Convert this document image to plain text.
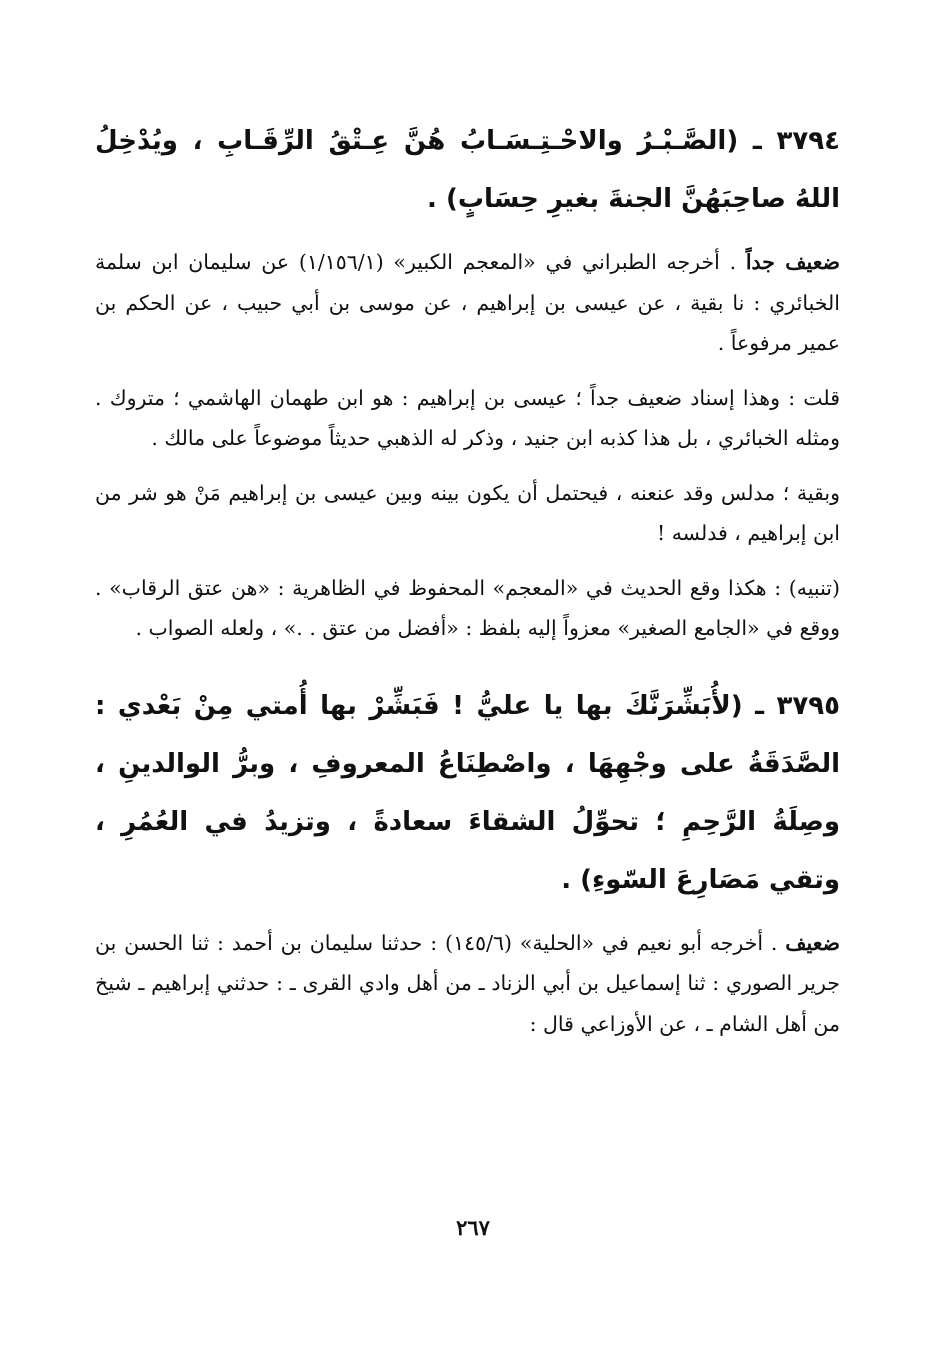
٣٧٩٤ ـ (الصَّـبْـرُ والاحْـتِـسَـابُ هُنَّ عِـتْقُ الرِّقَـابِ ، ويُدْخِلُ اللهُ صاحِبَهُنَّ الجنةَ بغيرِ حِسَابٍ) .

ضعيف جداً . أخرجه الطبراني في «المعجم الكبير» (١/١٥٦/١) عن سليمان ابن سلمة الخبائري : نا بقية ، عن عيسى بن إبراهيم ، عن موسى بن أبي حبيب ، عن الحكم بن عمير مرفوعاً .

قلت : وهذا إسناد ضعيف جداً ؛ عيسى بن إبراهيم : هو ابن طهمان الهاشمي ؛ متروك . ومثله الخبائري ، بل هذا كذبه ابن جنيد ، وذكر له الذهبي حديثاً موضوعاً على مالك .

وبقية ؛ مدلس وقد عنعنه ، فيحتمل أن يكون بينه وبين عيسى بن إبراهيم مَنْ هو شر من ابن إبراهيم ، فدلسه !

(تنبيه) : هكذا وقع الحديث في «المعجم» المحفوظ في الظاهرية : «هن عتق الرقاب» . ووقع في «الجامع الصغير» معزواً إليه بلفظ : «أفضل من عتق . .» ، ولعله الصواب .

٣٧٩٥ ـ (لأُبَشِّرَنَّكَ بها يا عليُّ ! فَبَشِّرْ بها أُمتي مِنْ بَعْدي : الصَّدَقَةُ على وجْهِهَا ، واصْطِنَاعُ المعروفِ ، وبرُّ الوالدينِ ، وصِلَةُ الرَّحِمِ ؛ تحوِّلُ الشقاءَ سعادةً ، وتزيدُ في العُمُرِ ، وتقي مَصَارِعَ السّوءِ) .

ضعيف . أخرجه أبو نعيم في «الحلية» (١٤٥/٦) : حدثنا سليمان بن أحمد : ثنا الحسن بن جرير الصوري : ثنا إسماعيل بن أبي الزناد ـ من أهل وادي القرى ـ : حدثني إبراهيم ـ شيخ من أهل الشام ـ ، عن الأوزاعي قال :

٢٦٧
